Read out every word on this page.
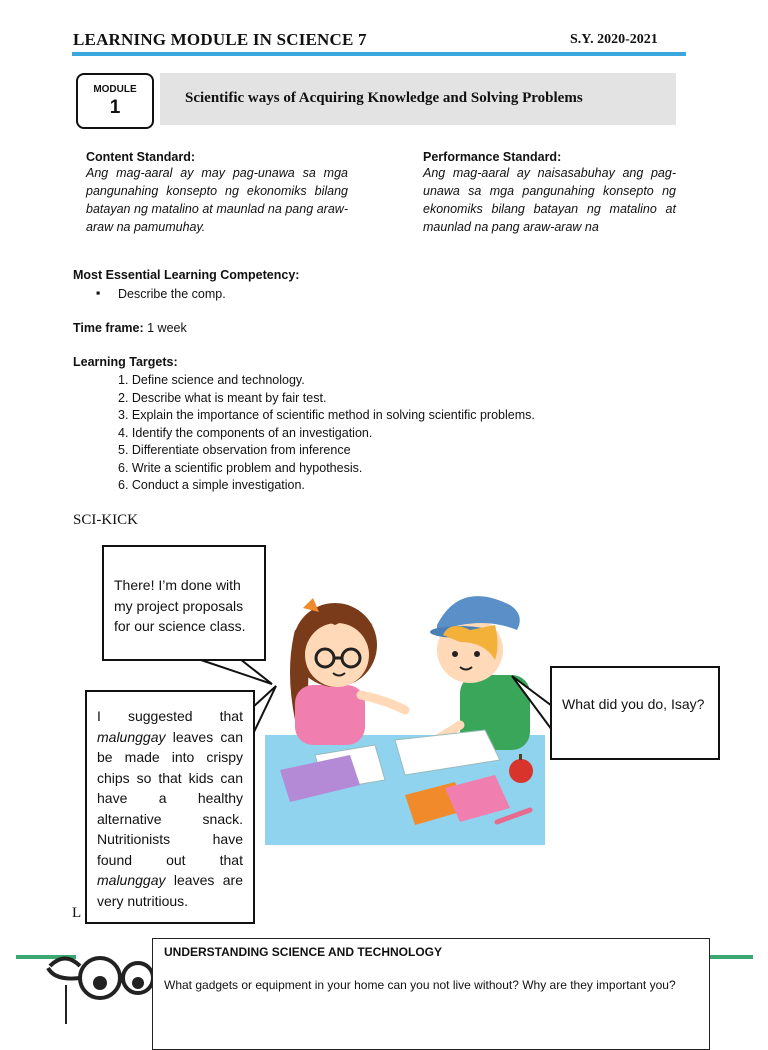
LEARNING MODULE IN SCIENCE 7	S.Y. 2020-2021
MODULE
1	Scientific ways of Acquiring Knowledge and Solving Problems
Content Standard:
Ang mag-aaral ay may pag-unawa sa mga pangunahing konsepto ng ekonomiks bilang batayan ng matalino at maunlad na pang araw-araw na pamumuhay.
Performance Standard:
Ang mag-aaral ay naisasabuhay ang pag-unawa sa mga pangunahing konsepto ng ekonomiks bilang batayan ng matalino at maunlad na pang araw-araw na
Most Essential Learning Competency:
▪ Describe the comp.
Time frame: 1 week
Learning Targets:
1. Define science and technology.
2. Describe what is meant by fair test.
3. Explain the importance of scientific method in solving scientific problems.
4. Identify the components of an investigation.
5. Differentiate observation from inference
6. Write a scientific problem and hypothesis.
6. Conduct a simple investigation.
SCI-KICK
There! I’m done with my project proposals for our science class.
What did you do, Isay?
I suggested that malunggay leaves can be made into crispy chips so that kids can have a healthy alternative snack. Nutritionists have found out that malunggay leaves are very nutritious.
L
UNDERSTANDING SCIENCE AND TECHNOLOGY
What gadgets or equipment in your home can you not live without? Why are they important you?
